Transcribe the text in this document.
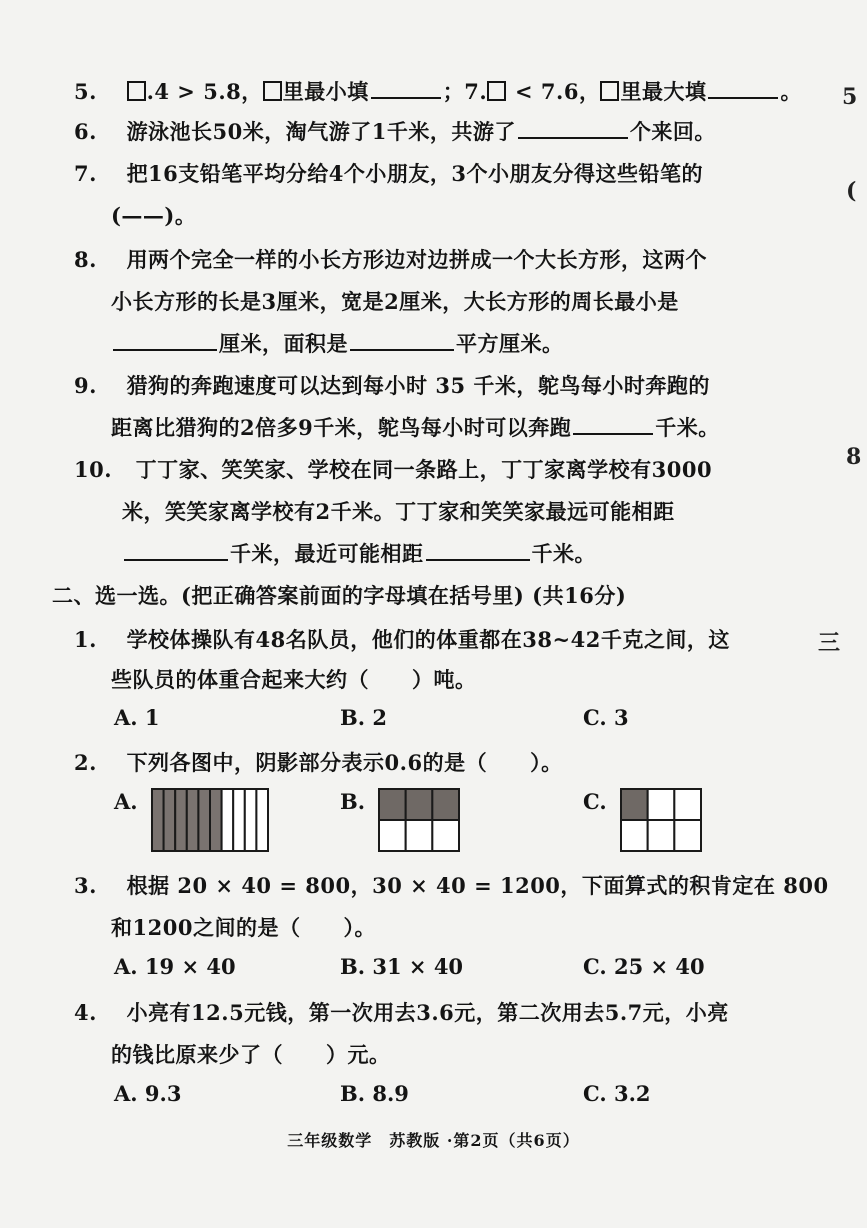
5. .4 > 5.8， 里最小填	；7. < 7.6， 里最大填	。
6. 游泳池长50米，淘气游了1千米，共游了	个来回。
7. 把16支铅笔平均分给4个小朋友，3个小朋友分得这些铅笔的
(——)。
8. 用两个完全一样的小长方形边对边拼成一个大长方形，这两个
小长方形的长是3厘米，宽是2厘米，大长方形的周长最小是
厘米，面积是	平方厘米。
9. 猎狗的奔跑速度可以达到每小时 35 千米，鸵鸟每小时奔跑的
距离比猎狗的2倍多9千米，鸵鸟每小时可以奔跑	千米。
10. 丁丁家、笑笑家、学校在同一条路上，丁丁家离学校有3000
米，笑笑家离学校有2千米。丁丁家和笑笑家最远可能相距
千米，最近可能相距	千米。
二、选一选。(把正确答案前面的字母填在括号里) (共16分)
1. 学校体操队有48名队员，他们的体重都在38~42千克之间，这
些队员的体重合起来大约（　　）吨。
A. 1	B. 2	C. 3
2. 下列各图中，阴影部分表示0.6的是（　　）。
A.	B.	C.
3. 根据 20 × 40 = 800，30 × 40 = 1200，下面算式的积肯定在 800
和1200之间的是（　　）。
A. 19 × 40	B. 31 × 40	C. 25 × 40
4. 小亮有12.5元钱，第一次用去3.6元，第二次用去5.7元，小亮
的钱比原来少了（　　）元。
A. 9.3	B. 8.9	C. 3.2
5
(
8
三
三年级数学　苏教版 ·第2页（共6页）
